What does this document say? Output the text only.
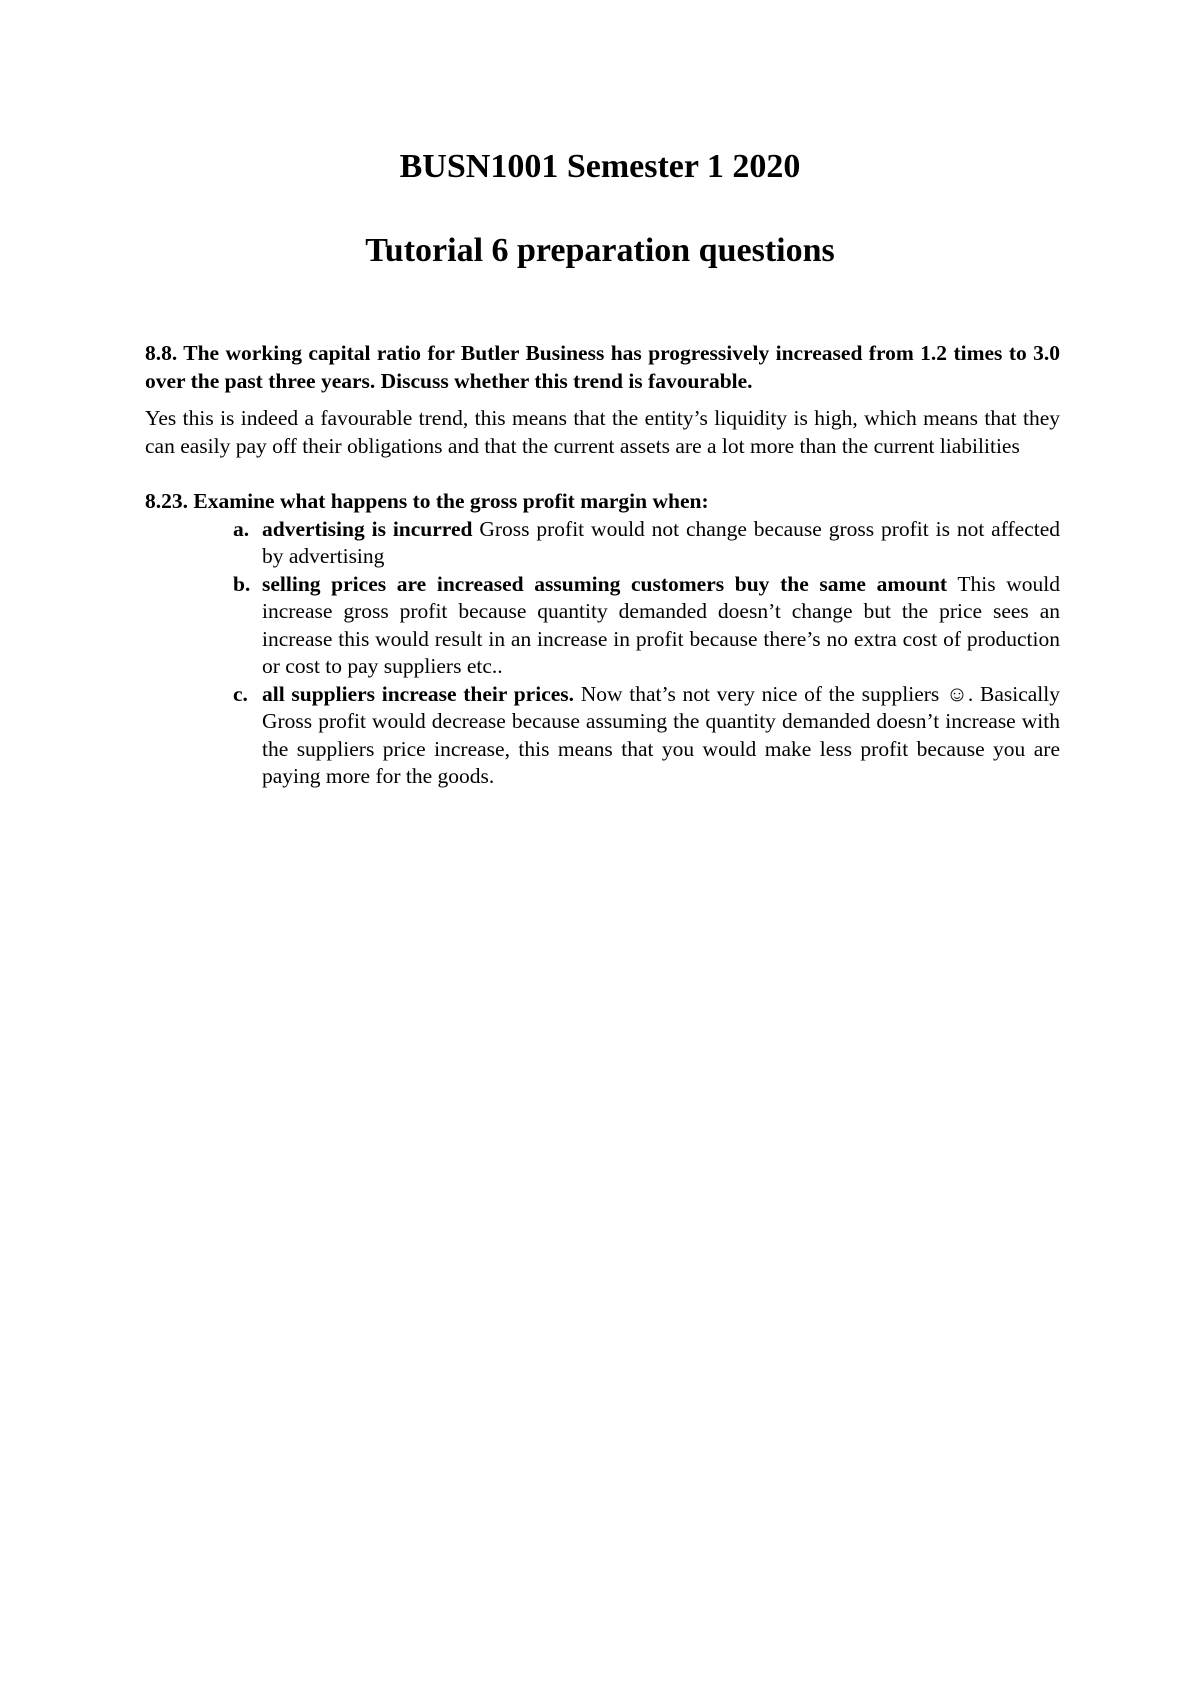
BUSN1001 Semester 1 2020
Tutorial 6 preparation questions

8.8. The working capital ratio for Butler Business has progressively increased from 1.2 times to 3.0 over the past three years. Discuss whether this trend is favourable.

Yes this is indeed a favourable trend, this means that the entity’s liquidity is high, which means that they can easily pay off their obligations and that the current assets are a lot more than the current liabilities

8.23. Examine what happens to the gross profit margin when:

a. advertising is incurred Gross profit would not change because gross profit is not affected by advertising
b. selling prices are increased assuming customers buy the same amount This would increase gross profit because quantity demanded doesn’t change but the price sees an increase this would result in an increase in profit because there’s no extra cost of production or cost to pay suppliers etc..
c. all suppliers increase their prices. Now that’s not very nice of the suppliers ☺. Basically Gross profit would decrease because assuming the quantity demanded doesn’t increase with the suppliers price increase, this means that you would make less profit because you are paying more for the goods.
